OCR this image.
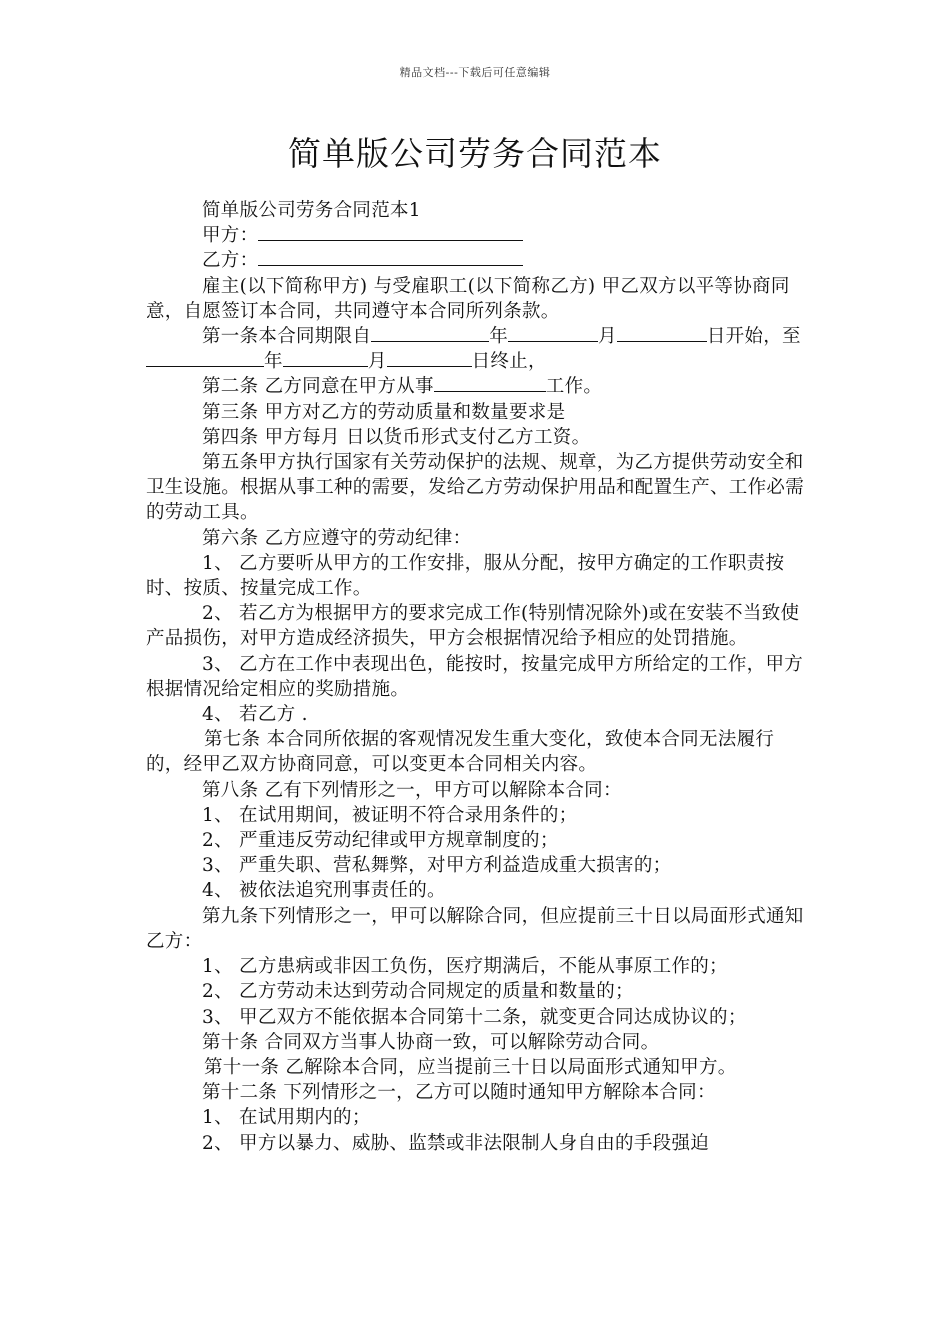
精品文档---下载后可任意编辑
简单版公司劳务合同范本

简单版公司劳务合同范本1

甲方：

乙方：

雇主(以下简称甲方) 与受雇职工(以下简称乙方) 甲乙双方以平等协商同意，自愿签订本合同，共同遵守本合同所列条款。

第一条本合同期限自	年	月	日开始，至年	月	日终止，

第二条 乙方同意在甲方从事	工作。

第三条 甲方对乙方的劳动质量和数量要求是

第四条 甲方每月 日以货币形式支付乙方工资。

第五条甲方执行国家有关劳动保护的法规、规章，为乙方提供劳动安全和卫生设施。根据从事工种的需要，发给乙方劳动保护用品和配置生产、工作必需的劳动工具。

第六条 乙方应遵守的劳动纪律：

1、 乙方要听从甲方的工作安排，服从分配，按甲方确定的工作职责按时、按质、按量完成工作。

2、 若乙方为根据甲方的要求完成工作(特别情况除外)或在安装不当致使产品损伤，对甲方造成经济损失，甲方会根据情况给予相应的处罚措施。

3、 乙方在工作中表现出色，能按时，按量完成甲方所给定的工作，甲方根据情况给定相应的奖励措施。

4、 若乙方 .

第七条 本合同所依据的客观情况发生重大变化，致使本合同无法履行的，经甲乙双方协商同意，可以变更本合同相关内容。

第八条 乙有下列情形之一，甲方可以解除本合同：

1、 在试用期间，被证明不符合录用条件的；

2、 严重违反劳动纪律或甲方规章制度的；

3、 严重失职、营私舞弊，对甲方利益造成重大损害的；

4、 被依法追究刑事责任的。

第九条下列情形之一，甲可以解除合同，但应提前三十日以局面形式通知乙方：

1、 乙方患病或非因工负伤，医疗期满后，不能从事原工作的；

2、 乙方劳动未达到劳动合同规定的质量和数量的；

3、 甲乙双方不能依据本合同第十二条，就变更合同达成协议的；

第十条 合同双方当事人协商一致，可以解除劳动合同。

第十一条 乙解除本合同，应当提前三十日以局面形式通知甲方。

第十二条 下列情形之一，乙方可以随时通知甲方解除本合同：

1、 在试用期内的；

2、 甲方以暴力、威胁、监禁或非法限制人身自由的手段强迫
